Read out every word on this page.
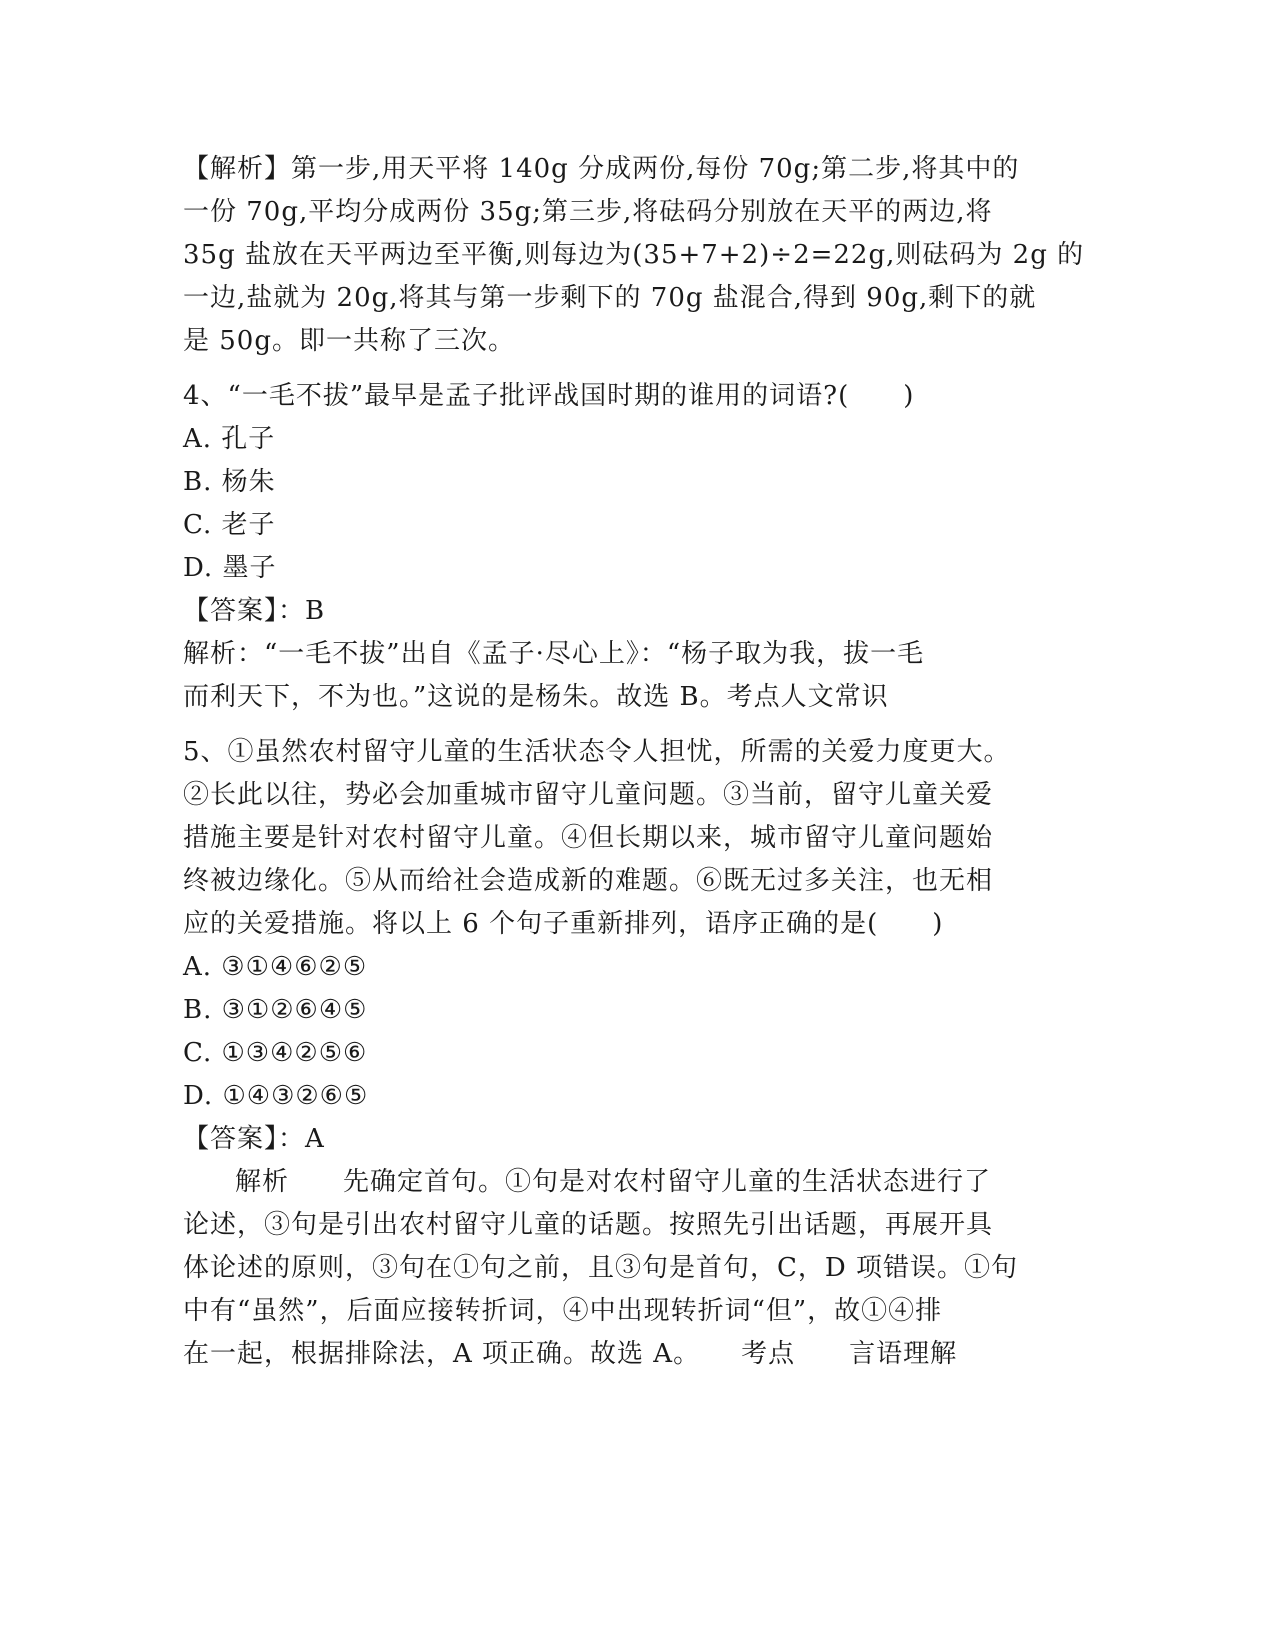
【解析】第一步,用天平将 140g 分成两份,每份 70g;第二步,将其中的
一份 70g,平均分成两份 35g;第三步,将砝码分别放在天平的两边,将
35g 盐放在天平两边至平衡,则每边为(35+7+2)÷2=22g,则砝码为 2g 的
一边,盐就为 20g,将其与第一步剩下的 70g 盐混合,得到 90g,剩下的就
是 50g。即一共称了三次。
4、“一毛不拔”最早是孟子批评战国时期的谁用的词语?(　　)
A. 孔子
B. 杨朱
C. 老子
D. 墨子
【答案】：B
解析：“一毛不拔”出自《孟子·尽心上》：“杨子取为我，拔一毛
而利天下，不为也。”这说的是杨朱。故选 B。考点人文常识
5、①虽然农村留守儿童的生活状态令人担忧，所需的关爱力度更大。
②长此以往，势必会加重城市留守儿童问题。③当前，留守儿童关爱
措施主要是针对农村留守儿童。④但长期以来，城市留守儿童问题始
终被边缘化。⑤从而给社会造成新的难题。⑥既无过多关注，也无相
应的关爱措施。将以上 6 个句子重新排列，语序正确的是(　　)
A. ③①④⑥②⑤
B. ③①②⑥④⑤
C. ①③④②⑤⑥
D. ①④③②⑥⑤
【答案】：A
解析　　先确定首句。①句是对农村留守儿童的生活状态进行了
论述，③句是引出农村留守儿童的话题。按照先引出话题，再展开具
体论述的原则，③句在①句之前，且③句是首句，C，D 项错误。①句
中有“虽然”，后面应接转折词，④中出现转折词“但”，故①④排
在一起，根据排除法，A 项正确。故选 A。　　考点　　言语理解
